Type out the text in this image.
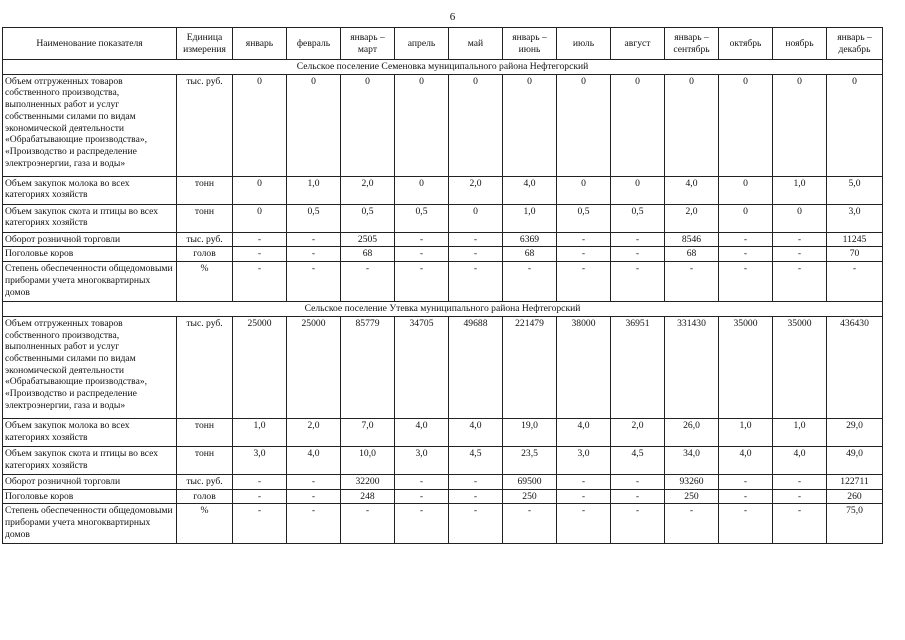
6
Наименование показателя	Единица измерения	январь	февраль	январь – март	апрель	май	январь – июнь	июль	август	январь – сентябрь	октябрь	ноябрь	январь – декабрь
Сельское поселение Семеновка муниципального района Нефтегорский													
Объем отгруженных товаров собственного производства, выполненных работ и услуг собственными силами по видам экономической деятельности «Обрабатывающие производства», «Производство и распределение электроэнергии, газа и воды»	тыс. руб.	0	0	0	0	0	0	0	0	0	0	0	0
Объем закупок молока во всех категориях хозяйств	тонн	0	1,0	2,0	0	2,0	4,0	0	0	4,0	0	1,0	5,0
Объем закупок скота и птицы во всех категориях хозяйств	тонн	0	0,5	0,5	0,5	0	1,0	0,5	0,5	2,0	0	0	3,0
Оборот розничной торговли	тыс. руб.	-	-	2505	-	-	6369	-	-	8546	-	-	11245
Поголовье коров	голов	-	-	68	-	-	68	-	-	68	-	-	70
Степень обеспеченности общедомовыми приборами учета многоквартирных домов	%	-	-	-	-	-	-	-	-	-	-	-	-
Сельское поселение Утевка муниципального района Нефтегорский													
Объем отгруженных товаров собственного производства, выполненных работ и услуг собственными силами по видам экономической деятельности «Обрабатывающие производства», «Производство и распределение электроэнергии, газа и воды»	тыс. руб.	25000	25000	85779	34705	49688	221479	38000	36951	331430	35000	35000	436430
Объем закупок молока во всех категориях хозяйств	тонн	1,0	2,0	7,0	4,0	4,0	19,0	4,0	2,0	26,0	1,0	1,0	29,0
Объем закупок скота и птицы во всех категориях хозяйств	тонн	3,0	4,0	10,0	3,0	4,5	23,5	3,0	4,5	34,0	4,0	4,0	49,0
Оборот розничной торговли	тыс. руб.	-	-	32200	-	-	69500	-	-	93260	-	-	122711
Поголовье коров	голов	-	-	248	-	-	250	-	-	250	-	-	260
Степень обеспеченности общедомовыми приборами учета многоквартирных домов	%	-	-	-	-	-	-	-	-	-	-	-	75,0
